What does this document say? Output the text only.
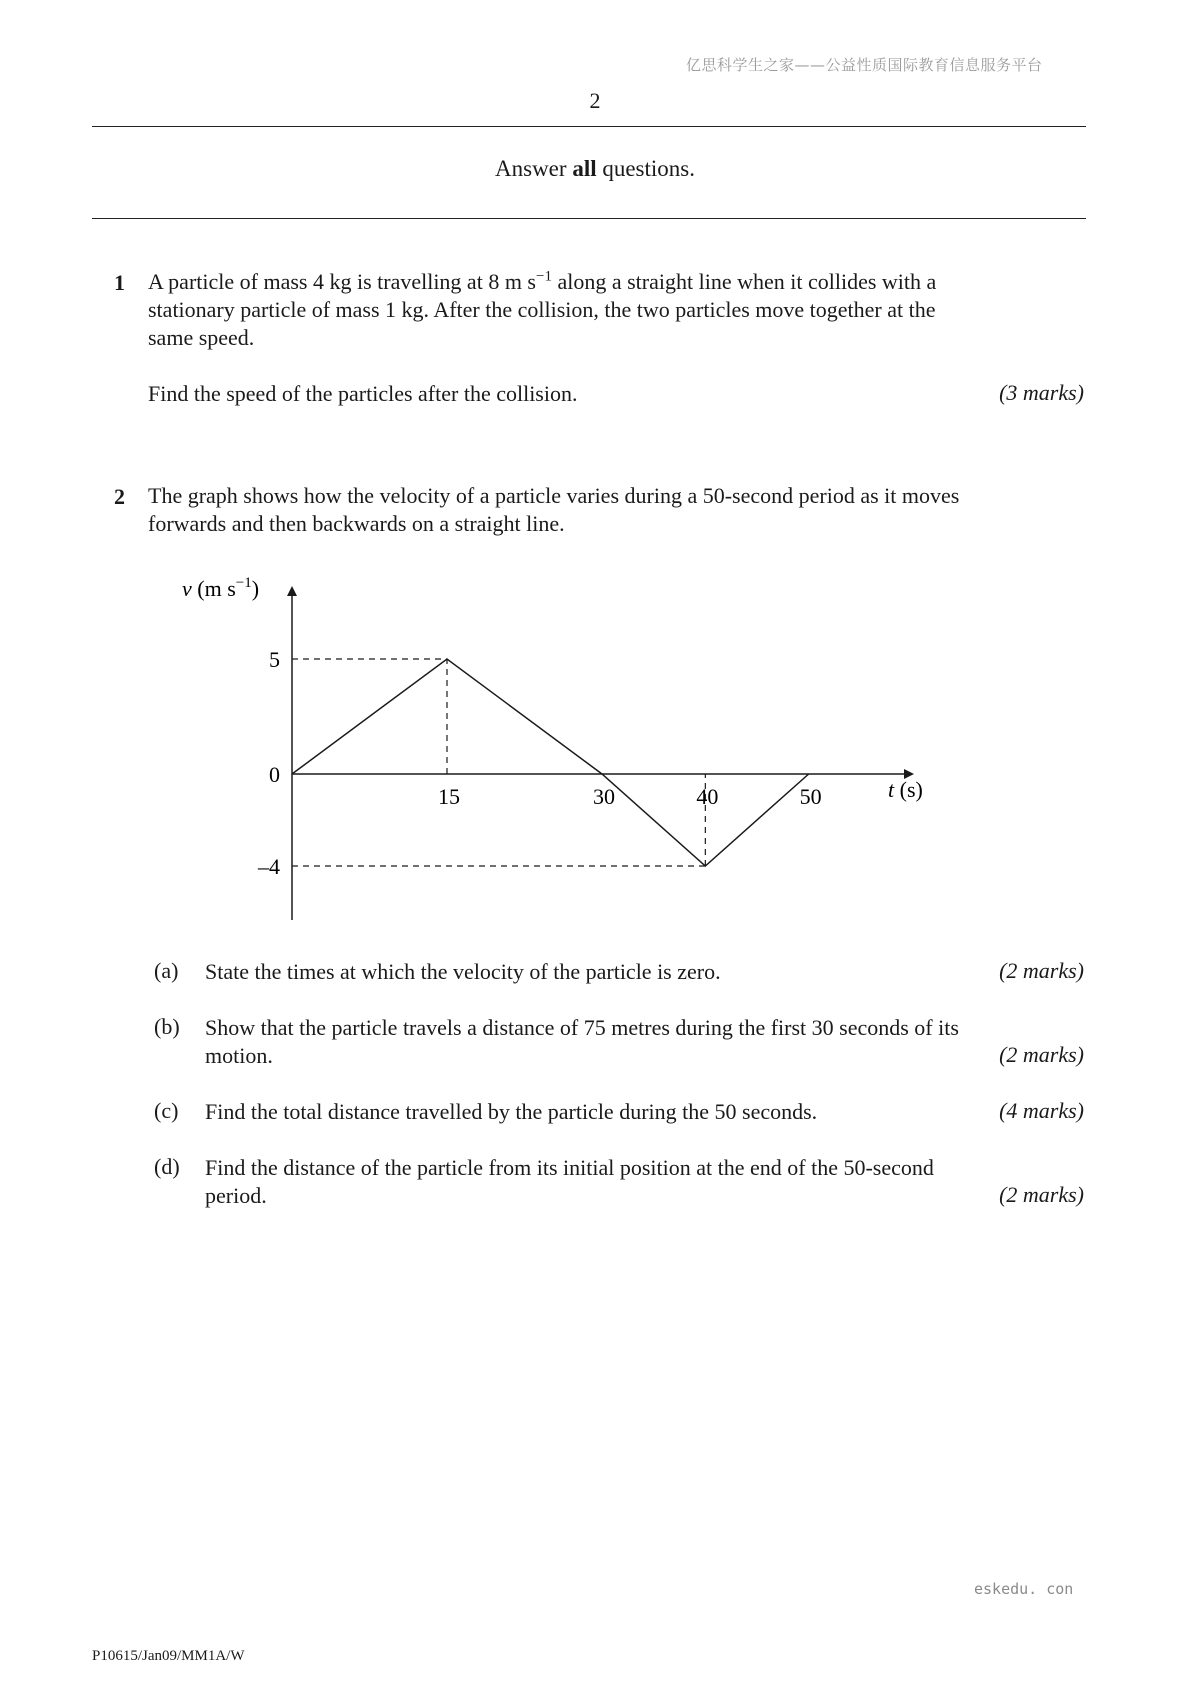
亿思科学生之家——公益性质国际教育信息服务平台
2
Answer all questions.
1 A particle of mass 4 kg is travelling at 8 m $s^{-1}$ along a straight line when it collides with a
stationary particle of mass 1 kg. After the collision, the two particles move together at the
same speed.
Find the speed of the particles after the collision.	(3 marks)
2 The graph shows how the velocity of a particle varies during a 50-second period as it moves
forwards and then backwards on a straight line.
15	30	40	50
5
0
–4
v (m $s^{-1}$)
t (s)
(a) State the times at which the velocity of the particle is zero.	(2 marks)
(b) Show that the particle travels a distance of 75 metres during the first 30 seconds of its
motion.	(2 marks)
(c) Find the total distance travelled by the particle during the 50 seconds.	(4 marks)
(d) Find the distance of the particle from its initial position at the end of the 50-second
period.	(2 marks)
eskedu. con
P10615/Jan09/MM1A/W
